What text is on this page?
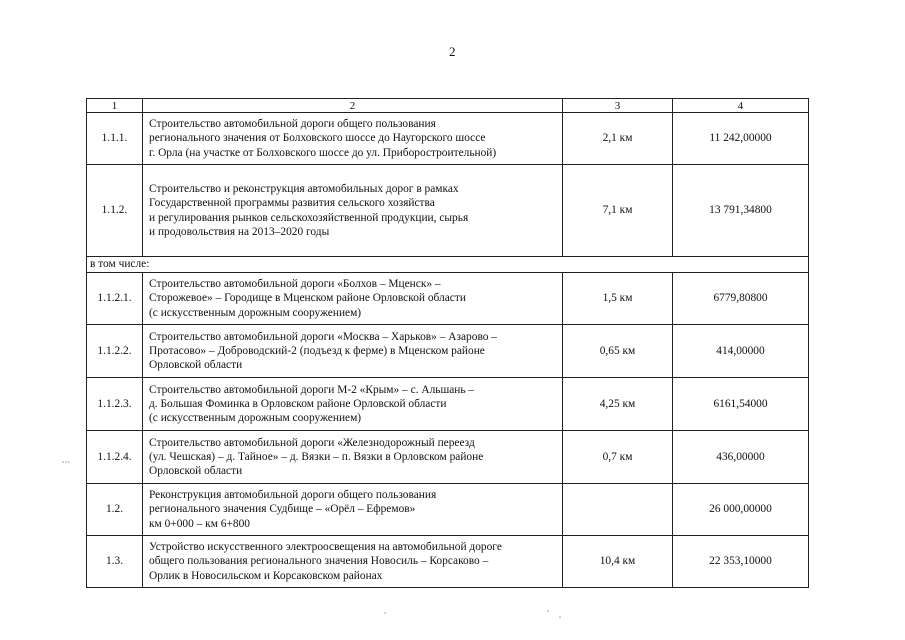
2
1	2	3	4
1.1.1.	Строительство автомобильной дороги общего пользования
регионального значения от Болховского шоссе до Наугорского шоссе
г. Орла (на участке от Болховского шоссе до ул. Приборостроительной)	2,1 км	11 242,00000
1.1.2.	Строительство и реконструкция автомобильных дорог в рамках
Государственной программы развития сельского хозяйства
и регулирования рынков сельскохозяйственной продукции, сырья
и продовольствия на 2013–2020 годы	7,1 км	13 791,34800
в том числе:			
1.1.2.1.	Строительство автомобильной дороги «Болхов – Мценск» –
Сторожевое» – Городище в Мценском районе Орловской области
(с искусственным дорожным сооружением)	1,5 км	6779,80800
1.1.2.2.	Строительство автомобильной дороги «Москва – Харьков» – Азарово –
Протасово» – Доброводский-2 (подъезд к ферме) в Мценском районе
Орловской области	0,65 км	414,00000
1.1.2.3.	Строительство автомобильной дороги М-2 «Крым» – с. Альшань –
д. Большая Фоминка в Орловском районе Орловской области
(с искусственным дорожным сооружением)	4,25 км	6161,54000
1.1.2.4.	Строительство автомобильной дороги «Железнодорожный переезд
(ул. Чешская) – д. Тайное» – д. Вязки – п. Вязки в Орловском районе
Орловской области	0,7 км	436,00000
1.2.	Реконструкция автомобильной дороги общего пользования
регионального значения Судбище – «Орёл – Ефремов»
км 0+000 – км 6+800		26 000,00000
1.3.	Устройство искусственного электроосвещения на автомобильной дороге
общего пользования регионального значения Новосиль – Корсаково –
Орлик в Новосильском и Корсаковском районах	10,4 км	22 353,10000
